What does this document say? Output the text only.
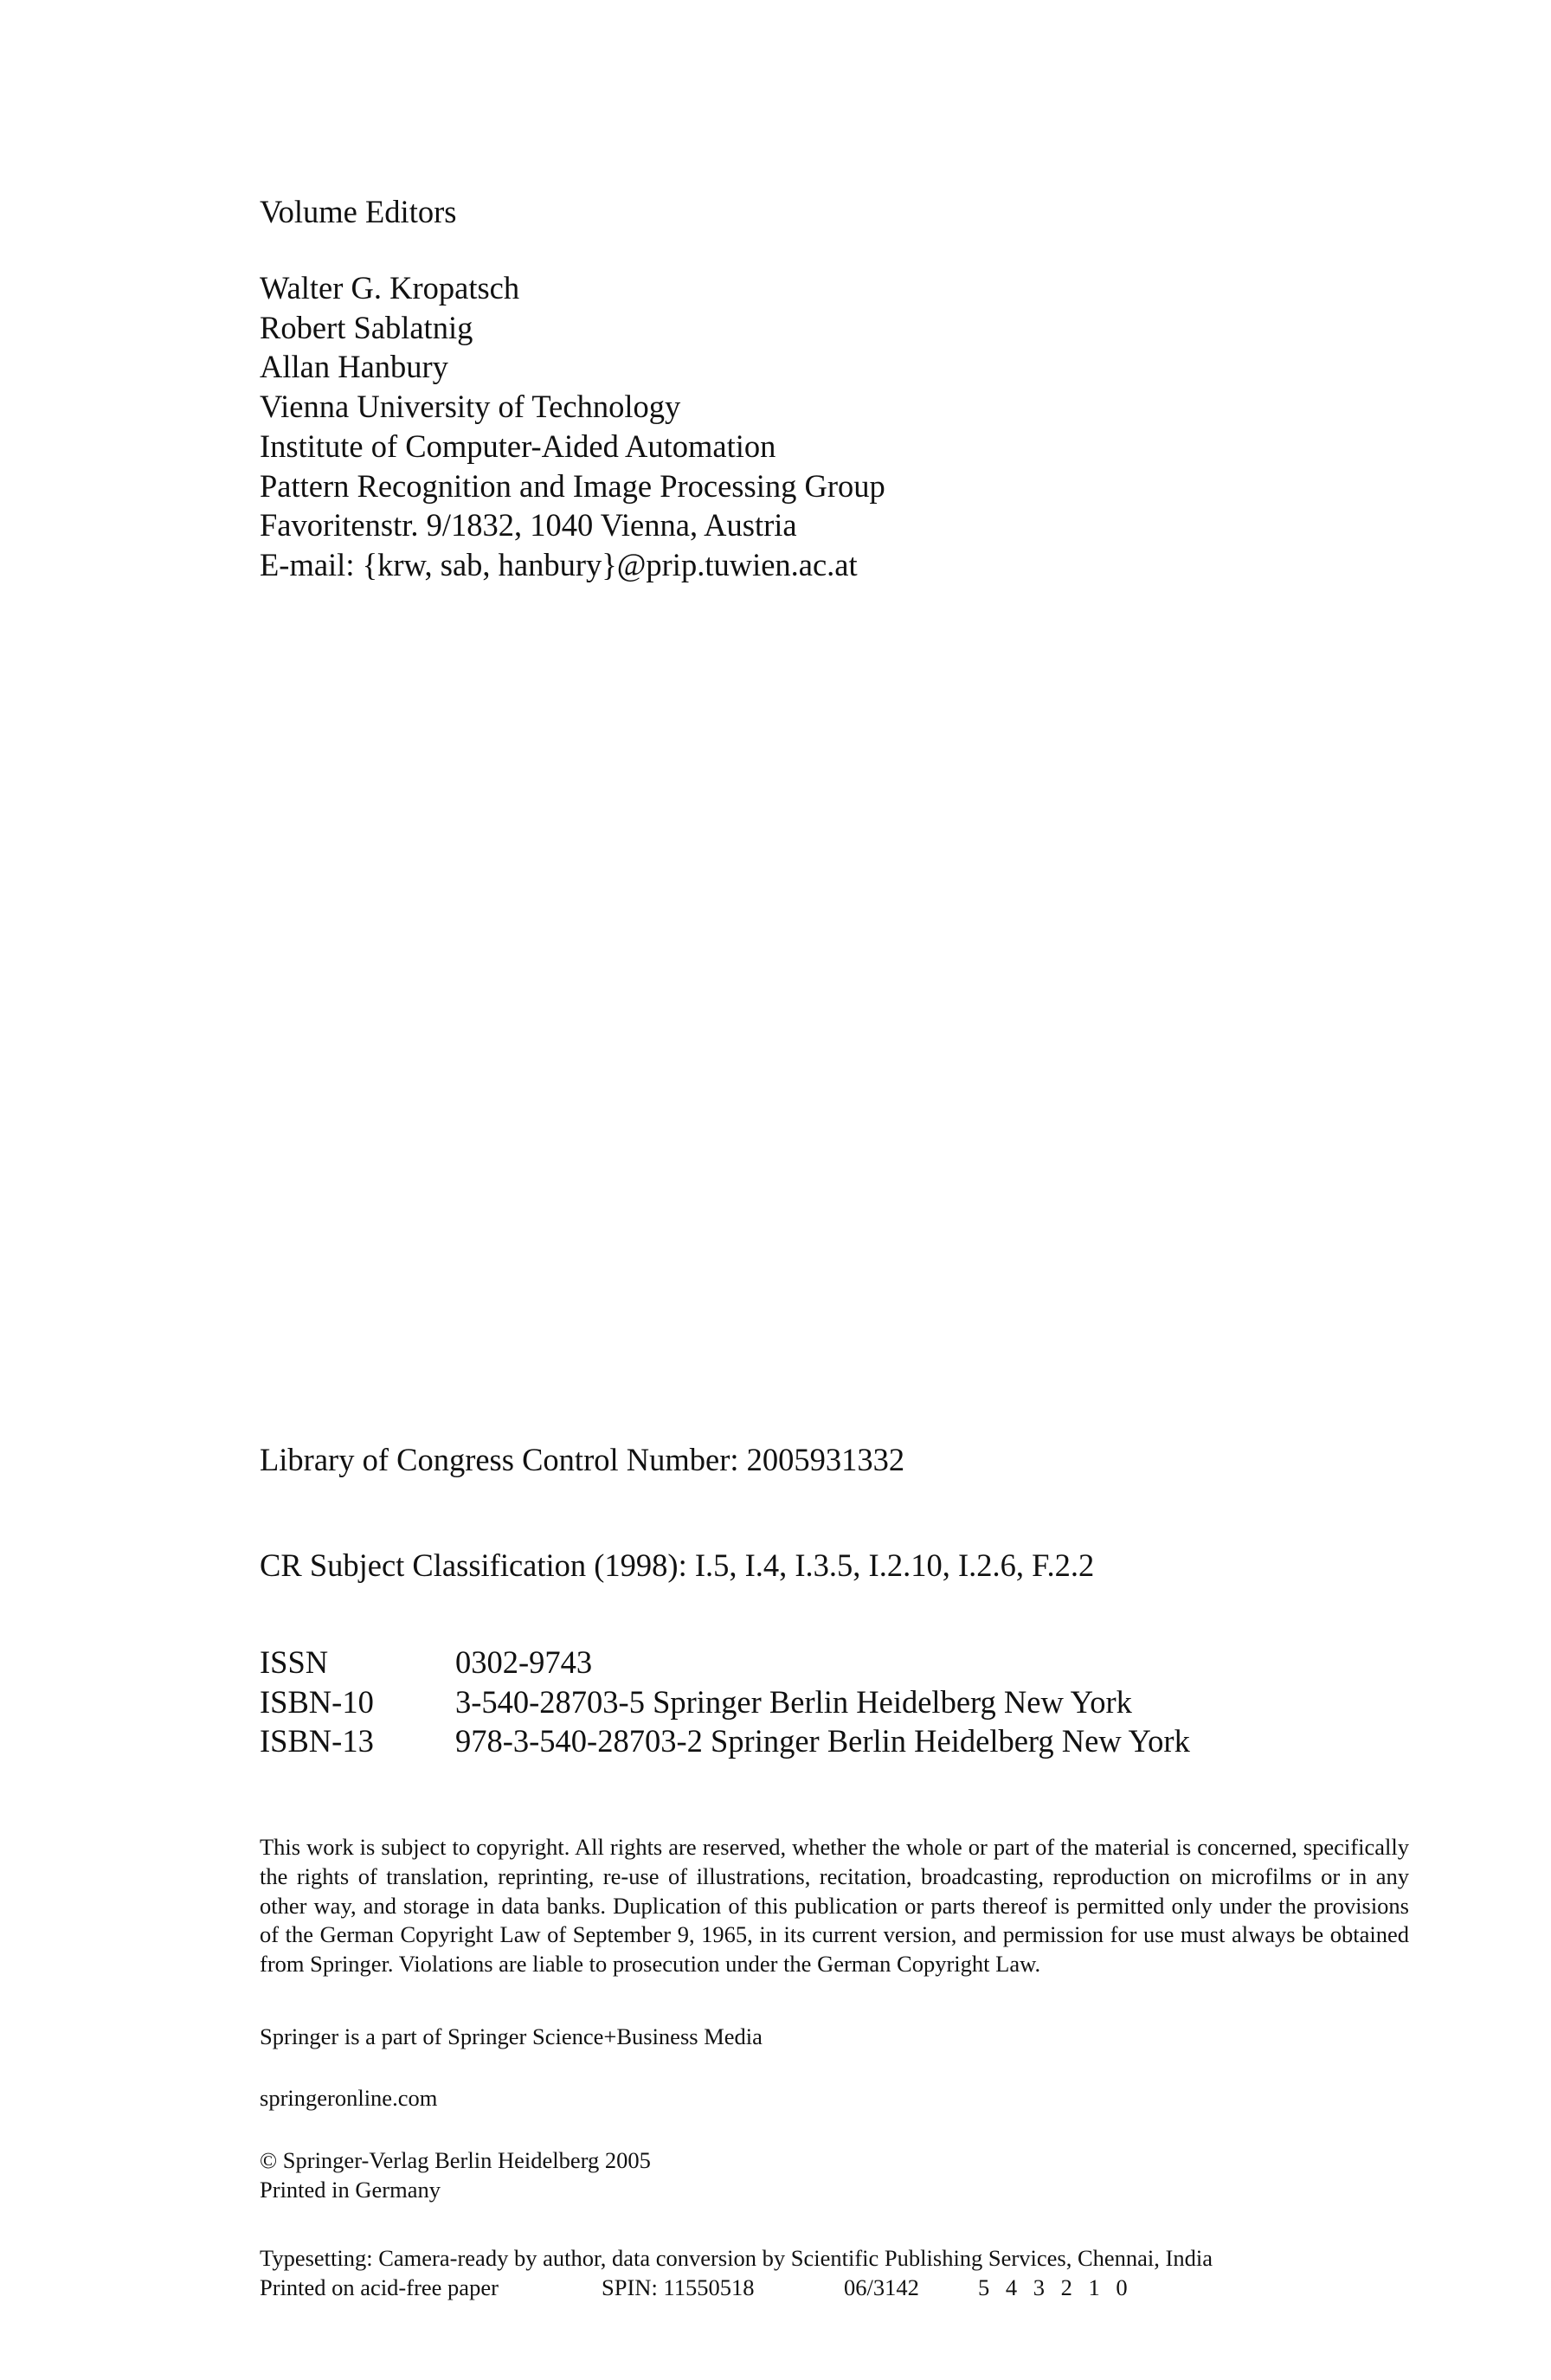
Volume Editors
Walter G. Kropatsch
Robert Sablatnig
Allan Hanbury
Vienna University of Technology
Institute of Computer-Aided Automation
Pattern Recognition and Image Processing Group
Favoritenstr. 9/1832, 1040 Vienna, Austria
E-mail: {krw, sab, hanbury}@prip.tuwien.ac.at
Library of Congress Control Number: 2005931332
CR Subject Classification (1998): I.5, I.4, I.3.5, I.2.10, I.2.6, F.2.2
ISSN	0302-9743
ISBN-10	3-540-28703-5 Springer Berlin Heidelberg New York
ISBN-13	978-3-540-28703-2 Springer Berlin Heidelberg New York
This work is subject to copyright. All rights are reserved, whether the whole or part of the material is concerned, specifically the rights of translation, reprinting, re-use of illustrations, recitation, broadcasting, reproduction on microfilms or in any other way, and storage in data banks. Duplication of this publication or parts thereof is permitted only under the provisions of the German Copyright Law of September 9, 1965, in its current version, and permission for use must always be obtained from Springer. Violations are liable to prosecution under the German Copyright Law.
Springer is a part of Springer Science+Business Media
springeronline.com
© Springer-Verlag Berlin Heidelberg 2005
Printed in Germany
Typesetting: Camera-ready by author, data conversion by Scientific Publishing Services, Chennai, India
Printed on acid-free paper	SPIN: 11550518	06/3142	5 4 3 2 1 0
